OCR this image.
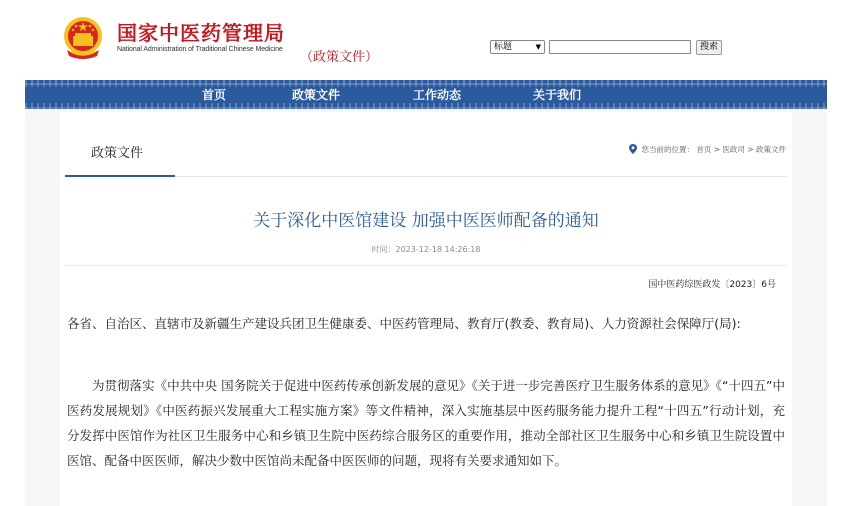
国家中医药管理局
National Administration of Traditional Chinese Medicine
（政策文件）
标题	▼	搜索
首页	政策文件	工作动态	关于我们
政策文件	您当前的位置： 首页 > 医政司 > 政策文件
关于深化中医馆建设 加强中医医师配备的通知
时间：2023-12-18 14:26:18
国中医药综医政发〔2023〕6号
各省、自治区、直辖市及新疆生产建设兵团卫生健康委、中医药管理局、教育厅(教委、教育局)、人力资源社会保障厅(局):
为贯彻落实《中共中央 国务院关于促进中医药传承创新发展的意见》《关于进一步完善医疗卫生服务体系的意见》《“十四五”中医药发展规划》《中医药振兴发展重大工程实施方案》等文件精神，深入实施基层中医药服务能力提升工程“十四五”行动计划，充分发挥中医馆作为社区卫生服务中心和乡镇卫生院中医药综合服务区的重要作用，推动全部社区卫生服务中心和乡镇卫生院设置中医馆、配备中医医师，解决少数中医馆尚未配备中医医师的问题，现将有关要求通知如下。
